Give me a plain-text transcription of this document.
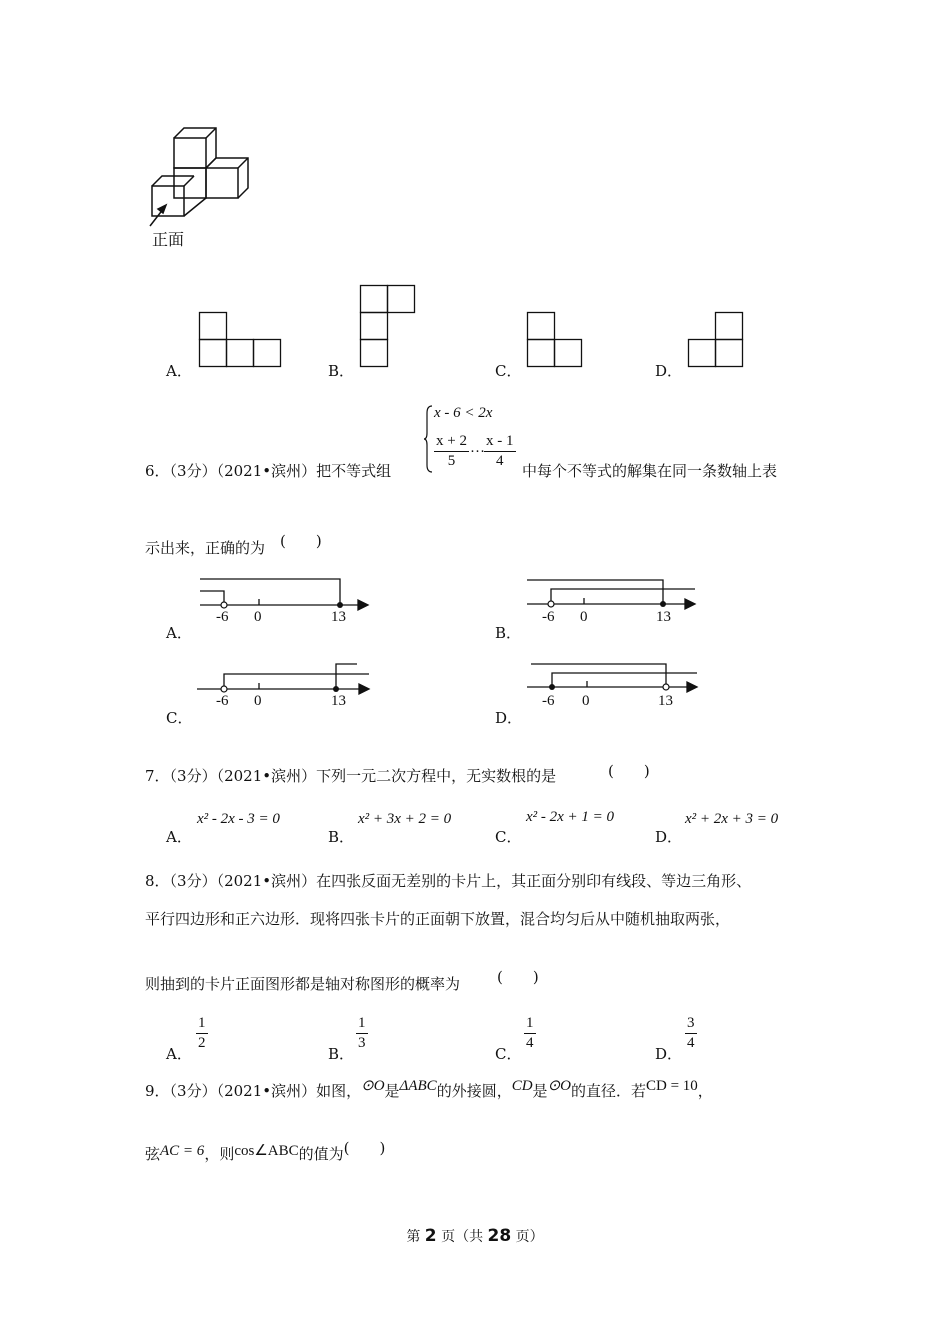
正面
A．	B．	C．	D．
6．（3分）（2021•滨州）把不等式组
x - 6 < 2x
$\frac{x + 2}{5}$ … $\frac{x - 1}{4}$
中每个不等式的解集在同一条数轴上表
示出来，正确的为 (　　)
A．
-6 0	13
B．
-6 0	13
C．
-6 0	13
D．
-6 0	13
7．（3分）（2021•滨州）下列一元二次方程中，无实数根的是	(　　)
A．
x² - 2x - 3 = 0
B．
x² + 3x + 2 = 0
C．
x² - 2x + 1 = 0
D．
x² + 2x + 3 = 0
8．（3分）（2021•滨州）在四张反面无差别的卡片上，其正面分别印有线段、等边三角形、
平行四边形和正六边形．现将四张卡片的正面朝下放置，混合均匀后从中随机抽取两张，
则抽到的卡片正面图形都是轴对称图形的概率为 (　　)
A．
$\frac{1}{2}$
B．
$\frac{1}{3}$
C．
$\frac{1}{4}$
D．
$\frac{3}{4}$
9．（3分）（2021•滨州）如图，⊙O是ΔABC的外接圆，CD是⊙O的直径．若CD = 10，
弦AC = 6，则cos∠ABC的值为(　　)
第 2 页（共 28 页）
